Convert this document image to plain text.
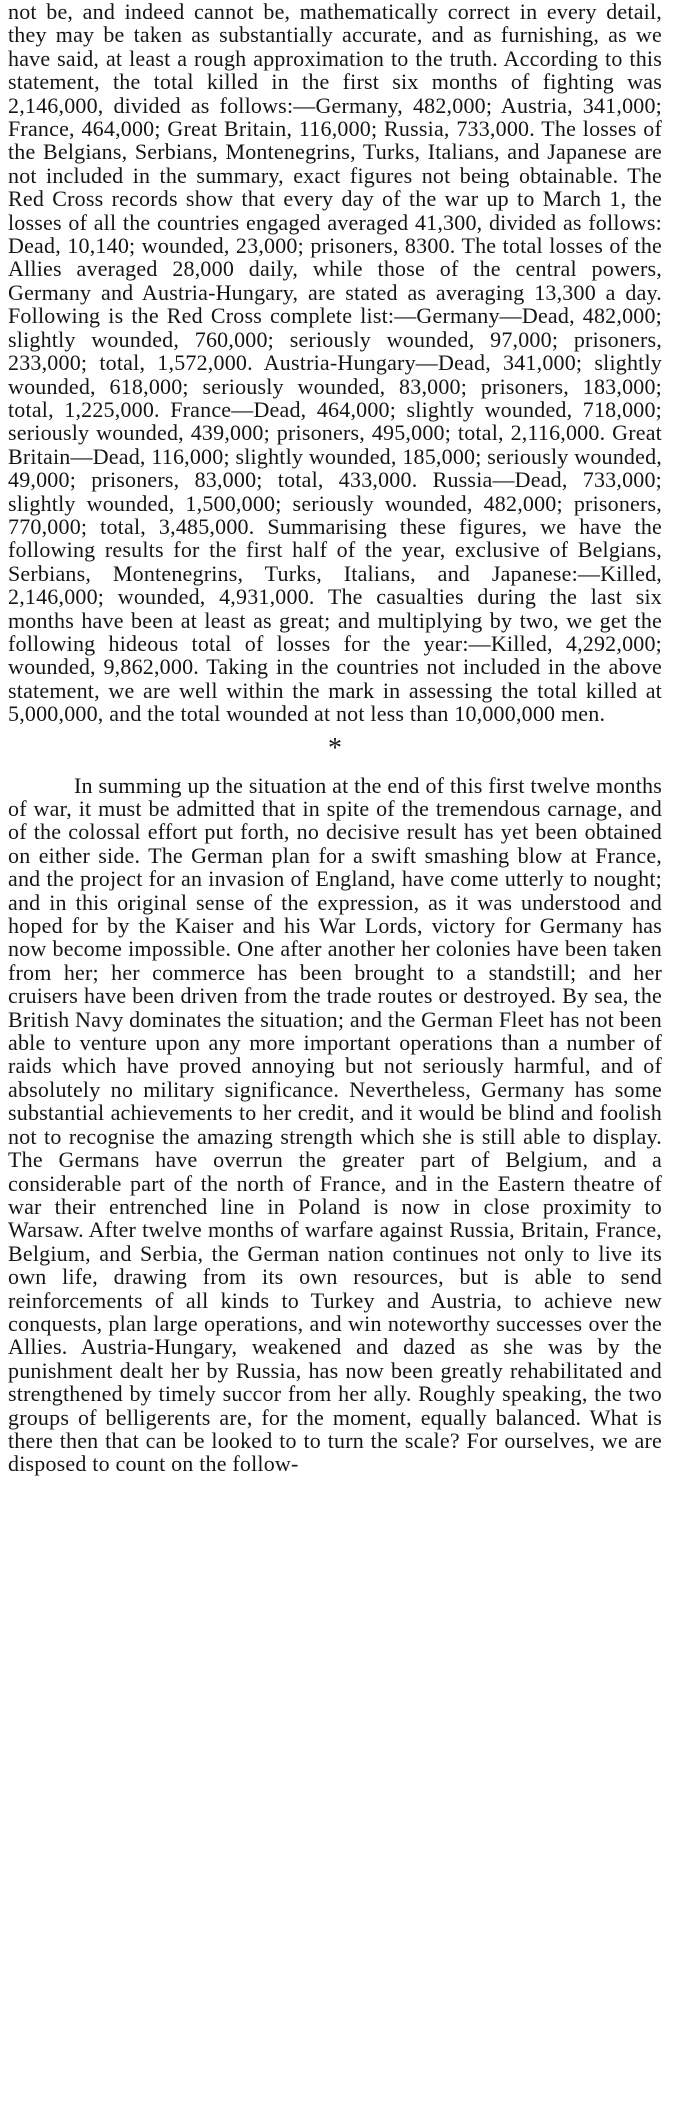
not be, and indeed cannot be, mathematically correct in every detail, they may be taken as substantially accurate, and as furnishing, as we have said, at least a rough approximation to the truth. According to this statement, the total killed in the first six months of fighting was 2,146,000, divided as follows:—Germany, 482,000; Austria, 341,000; France, 464,000; Great Britain, 116,000; Russia, 733,000. The losses of the Belgians, Serbians, Montenegrins, Turks, Italians, and Japanese are not included in the summary, exact figures not being obtainable. The Red Cross records show that every day of the war up to March 1, the losses of all the countries engaged averaged 41,300, divided as follows: Dead, 10,140; wounded, 23,000; prisoners, 8300. The total losses of the Allies averaged 28,000 daily, while those of the central powers, Germany and Austria-Hungary, are stated as averaging 13,300 a day. Following is the Red Cross complete list:—Germany—Dead, 482,000; slightly wounded, 760,000; seriously wounded, 97,000; prisoners, 233,000; total, 1,572,000. Austria-Hungary—Dead, 341,000; slightly wounded, 618,000; seriously wounded, 83,000; prisoners, 183,000; total, 1,225,000. France—Dead, 464,000; slightly wounded, 718,000; seriously wounded, 439,000; prisoners, 495,000; total, 2,116,000. Great Britain—Dead, 116,000; slightly wounded, 185,000; seriously wounded, 49,000; prisoners, 83,000; total, 433,000. Russia—Dead, 733,000; slightly wounded, 1,500,000; seriously wounded, 482,000; prisoners, 770,000; total, 3,485,000. Summarising these figures, we have the following results for the first half of the year, exclusive of Belgians, Serbians, Montenegrins, Turks, Italians, and Japanese:—Killed, 2,146,000; wounded, 4,931,000. The casualties during the last six months have been at least as great; and multiplying by two, we get the following hideous total of losses for the year:—Killed, 4,292,000; wounded, 9,862,000. Taking in the countries not included in the above statement, we are well within the mark in assessing the total killed at 5,000,000, and the total wounded at not less than 10,000,000 men.

*

In summing up the situation at the end of this first twelve months of war, it must be admitted that in spite of the tremendous carnage, and of the colossal effort put forth, no decisive result has yet been obtained on either side. The German plan for a swift smashing blow at France, and the project for an invasion of England, have come utterly to nought; and in this original sense of the expression, as it was understood and hoped for by the Kaiser and his War Lords, victory for Germany has now become impossible. One after another her colonies have been taken from her; her commerce has been brought to a standstill; and her cruisers have been driven from the trade routes or destroyed. By sea, the British Navy dominates the situation; and the German Fleet has not been able to venture upon any more important operations than a number of raids which have proved annoying but not seriously harmful, and of absolutely no military significance. Nevertheless, Germany has some substantial achievements to her credit, and it would be blind and foolish not to recognise the amazing strength which she is still able to display. The Germans have overrun the greater part of Belgium, and a considerable part of the north of France, and in the Eastern theatre of war their entrenched line in Poland is now in close proximity to Warsaw. After twelve months of warfare against Russia, Britain, France, Belgium, and Serbia, the German nation continues not only to live its own life, drawing from its own resources, but is able to send reinforcements of all kinds to Turkey and Austria, to achieve new conquests, plan large operations, and win noteworthy successes over the Allies. Austria-Hungary, weakened and dazed as she was by the punishment dealt her by Russia, has now been greatly rehabilitated and strengthened by timely succor from her ally. Roughly speaking, the two groups of belligerents are, for the moment, equally balanced. What is there then that can be looked to to turn the scale? For ourselves, we are disposed to count on the follow-
